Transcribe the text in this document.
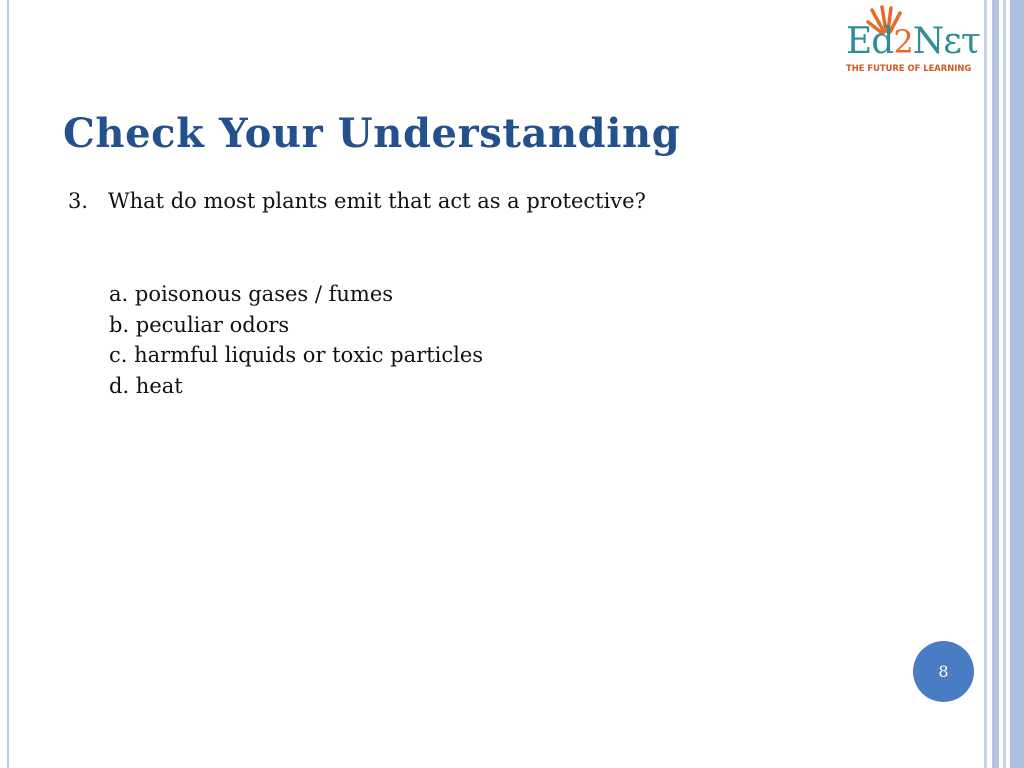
Ed2Nετ
THE FUTURE OF LEARNING
Check Your Understanding
3. What do most plants emit that act as a protective?
a. poisonous gases / fumes
b. peculiar odors
c. harmful liquids or toxic particles
d. heat
8
